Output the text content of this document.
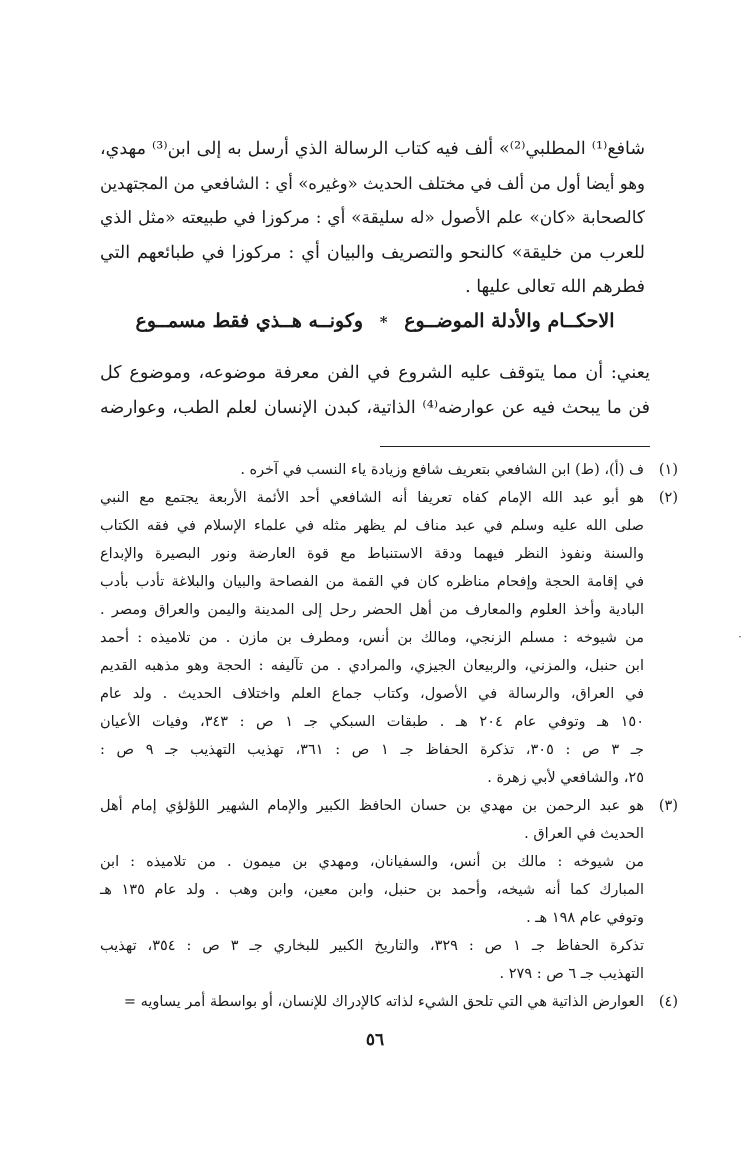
شافع⁽¹⁾ المطلبي⁽²⁾» ألف فيه كتاب الرسالة الذي أرسل به إلى ابن⁽³⁾ مهدي،
وهو أيضا أول من ألف في مختلف الحديث «وغيره» أي : الشافعي من المجتهدين
كالصحابة «كان» علم الأصول «له سليقة» أي : مركوزا في طبيعته «مثل الذي
للعرب من خليقة» كالنحو والتصريف والبيان أي : مركوزا في طبائعهم التي
فطرهم الله تعالى عليها .
الاحكــام والأدلة الموضــوع * وكونــه هــذي فقط مسمــوع
يعني: أن مما يتوقف عليه الشروع في الفن معرفة موضوعه، وموضوع كل
فن ما يبحث فيه عن عوارضه⁽⁴⁾ الذاتية، كبدن الإنسان لعلم الطب، وعوارضه
(١)
ف (أ)، (ط) ابن الشافعي بتعريف شافع وزيادة ياء النسب في آخره .
(٢)
هو أبو عبد الله الإمام كفاه تعريفا أنه الشافعي أحد الأئمة الأربعة يجتمع مع النبي
صلى الله عليه وسلم في عبد مناف لم يظهر مثله في علماء الإسلام في فقه الكتاب
والسنة ونفوذ النظر فيهما ودقة الاستنباط مع قوة العارضة ونور البصيرة والإبداع
في إقامة الحجة وإفحام مناظره كان في القمة من الفصاحة والبيان والبلاغة تأدب بأدب
البادية وأخذ العلوم والمعارف من أهل الحضر رحل إلى المدينة واليمن والعراق ومصر .
من شيوخه : مسلم الزنجي، ومالك بن أنس، ومطرف بن مازن . من تلاميذه : أحمد
ابن حنبل، والمزني، والربيعان الجيزي، والمرادي . من تآليفه : الحجة وهو مذهبه القديم
في العراق، والرسالة في الأصول، وكتاب جماع العلم واختلاف الحديث . ولد عام
١٥٠ هـ وتوفي عام ٢٠٤ هـ . طبقات السبكي جـ ١ ص : ٣٤٣، وفيات الأعيان
جـ ٣ ص : ٣٠٥، تذكرة الحفاظ جـ ١ ص : ٣٦١، تهذيب التهذيب جـ ٩ ص :
٢٥، والشافعي لأبي زهرة .
(٣)
هو عبد الرحمن بن مهدي بن حسان الحافظ الكبير والإمام الشهير اللؤلؤي إمام أهل
الحديث في العراق .
من شيوخه : مالك بن أنس، والسفيانان، ومهدي بن ميمون . من تلاميذه : ابن
المبارك كما أنه شيخه، وأحمد بن حنبل، وابن معين، وابن وهب . ولد عام ١٣٥ هـ
وتوفي عام ١٩٨ هـ .
تذكرة الحفاظ جـ ١ ص : ٣٢٩، والتاريخ الكبير للبخاري جـ ٣ ص : ٣٥٤، تهذيب
التهذيب جـ ٦ ص : ٢٧٩ .
(٤)
العوارض الذاتية هي التي تلحق الشيء لذاته كالإدراك للإنسان، أو بواسطة أمر يساويه =
·
٥٦
